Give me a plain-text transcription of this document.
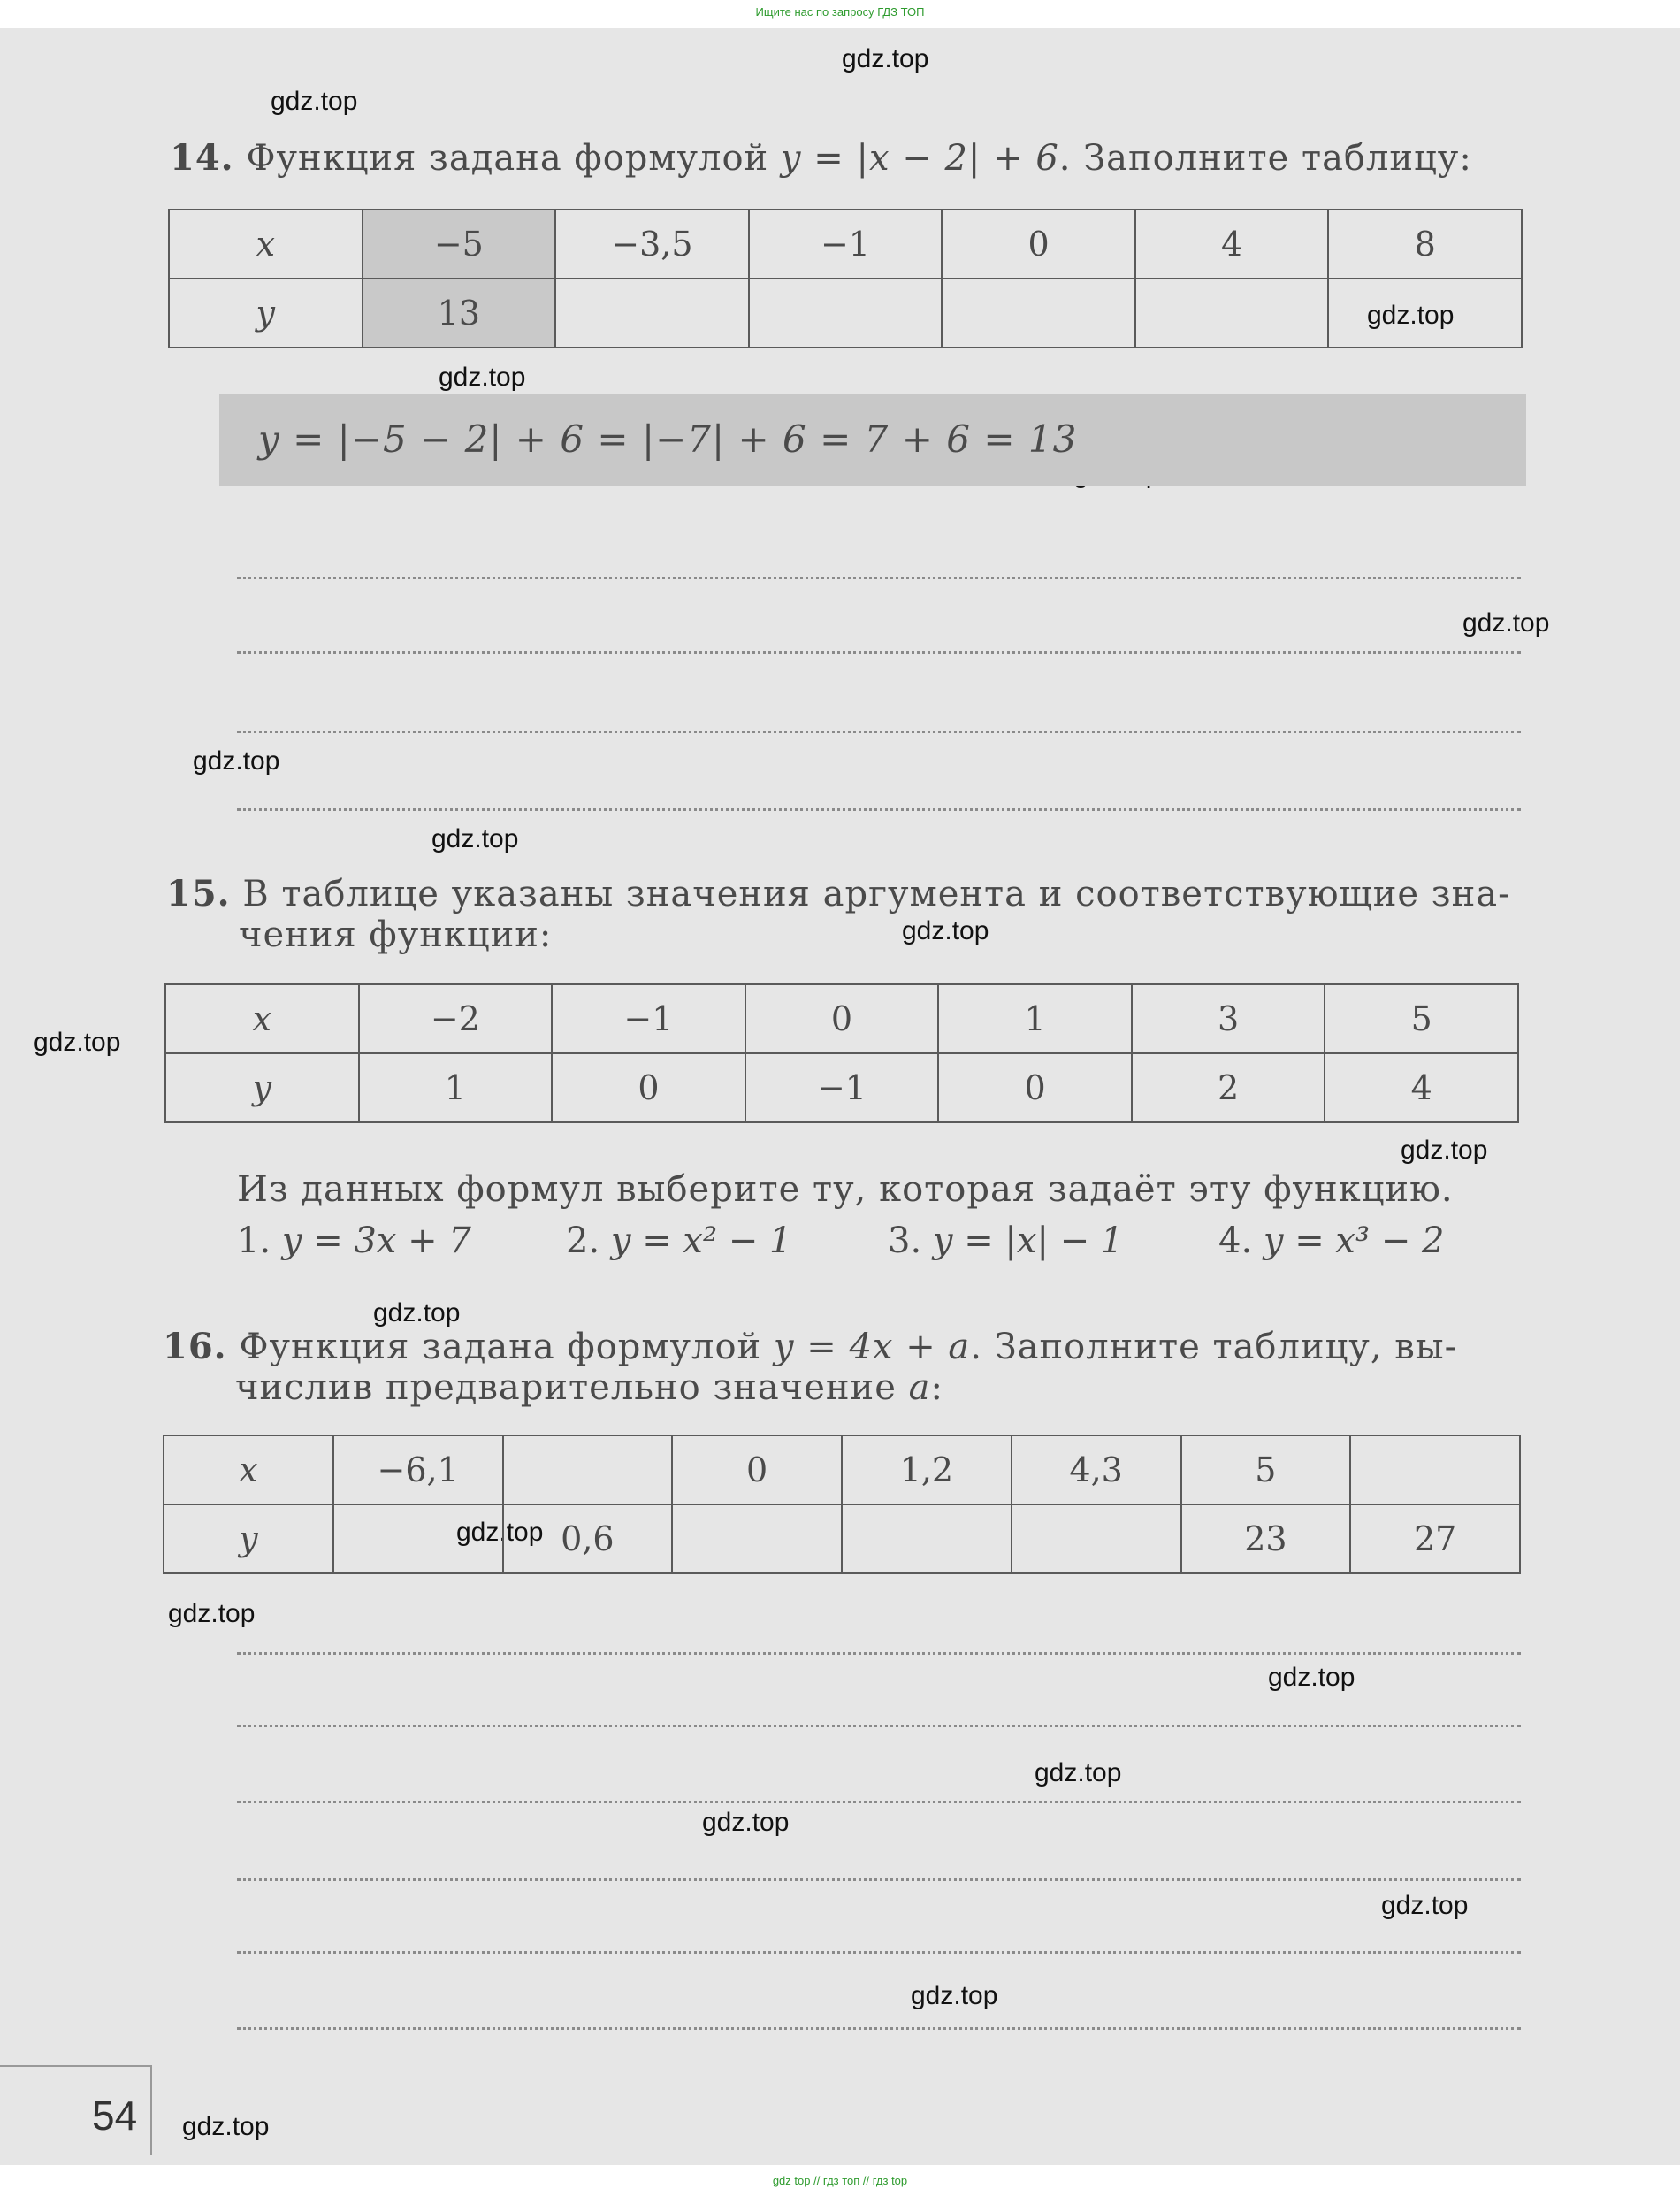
Ищите нас по запросу ГДЗ ТОП
gdz.top
gdz.top
gdz.top
gdz.top
gdz.top
gdz.top
gdz.top
gdz.top
gdz.top
gdz.top
gdz.top
gdz.top
gdz.top
gdz.top
gdz.top
gdz.top
gdz.top
gdz.top
gdz.top
14. Функция задана формулой y = |x − 2| + 6. Заполните таблицу:
x	−5	−3,5	−1	0	4	8
y	13					
y = |−5 − 2| + 6 = |−7| + 6 = 7 + 6 = 13
15. В таблице указаны значения аргумента и соответствующие зна-
чения функции:
x	−2	−1	0	1	3	5
y	1	0	−1	0	2	4
Из данных формул выберите ту, которая задаёт эту функцию.
1. y = 3x + 7	2. y = x² − 1	3. y = |x| − 1	4. y = x³ − 2
16. Функция задана формулой y = 4x + a. Заполните таблицу, вы-
числив предварительно значение a:
x	−6,1		0	1,2	4,3	5	
y		0,6				23	27
54
gdz top // гдз топ // гдз top
